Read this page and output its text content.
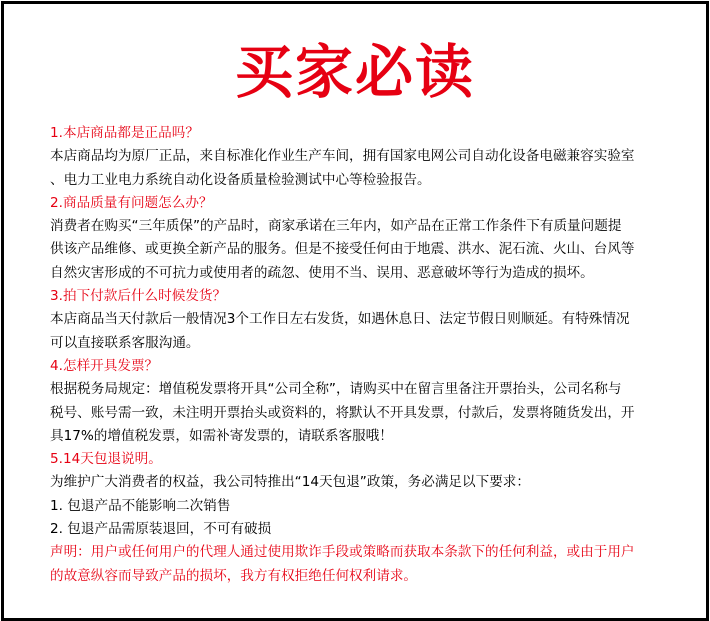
买家必读
1.本店商品都是正品吗？
本店商品均为原厂正品，来自标准化作业生产车间，拥有国家电网公司自动化设备电磁兼容实验室
、电力工业电力系统自动化设备质量检验测试中心等检验报告。
2.商品质量有问题怎么办？
消费者在购买“三年质保”的产品时，商家承诺在三年内，如产品在正常工作条件下有质量问题提
供该产品维修、或更换全新产品的服务。但是不接受任何由于地震、洪水、泥石流、火山、台风等
自然灾害形成的不可抗力或使用者的疏忽、使用不当、误用、恶意破坏等行为造成的损坏。
3.拍下付款后什么时候发货？
本店商品当天付款后一般情况3个工作日左右发货，如遇休息日、法定节假日则顺延。有特殊情况
可以直接联系客服沟通。
4.怎样开具发票？
根据税务局规定：增值税发票将开具“公司全称”，请购买中在留言里备注开票抬头，公司名称与
税号、账号需一致，未注明开票抬头或资料的，将默认不开具发票，付款后，发票将随货发出，开
具17%的增值税发票，如需补寄发票的，请联系客服哦！
5.14天包退说明。
为维护广大消费者的权益，我公司特推出“14天包退”政策，务必满足以下要求：
1. 包退产品不能影响二次销售
2. 包退产品需原装退回，不可有破损
声明：用户或任何用户的代理人通过使用欺诈手段或策略而获取本条款下的任何利益，或由于用户
的故意纵容而导致产品的损坏，我方有权拒绝任何权利请求。
